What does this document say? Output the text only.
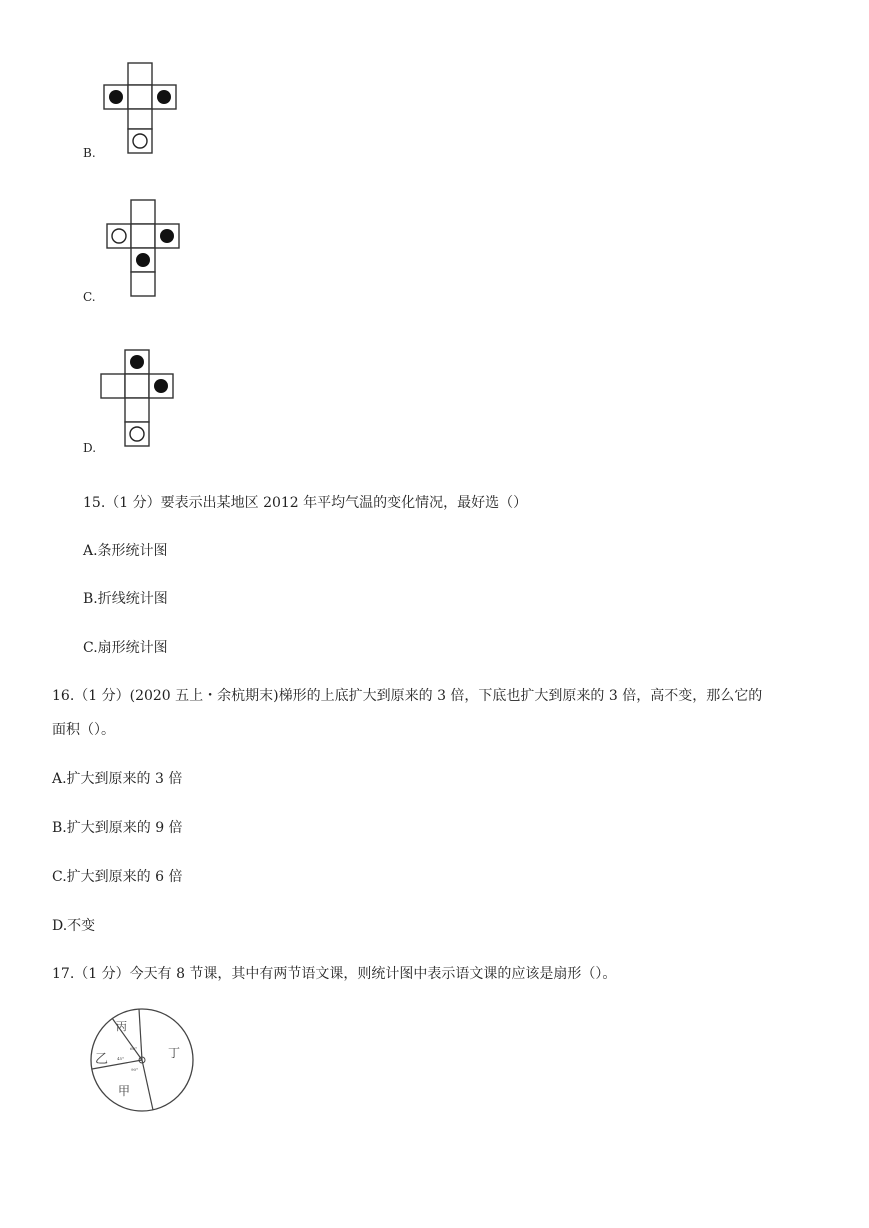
B.
C.
D.
15.（1 分）要表示出某地区 2012 年平均气温的变化情况，最好选（）
A.条形统计图
B.折线统计图
C.扇形统计图
16.（1 分）(2020 五上・余杭期末)梯形的上底扩大到原来的 3 倍，下底也扩大到原来的 3 倍，高不变，那么它的
面积（）。
A.扩大到原来的 3 倍
B.扩大到原来的 9 倍
C.扩大到原来的 6 倍
D.不变
17.（1 分）今天有 8 节课，其中有两节语文课，则统计图中表示语文课的应该是扇形（）。
丙
乙
甲
丁
60°
45°
90°
